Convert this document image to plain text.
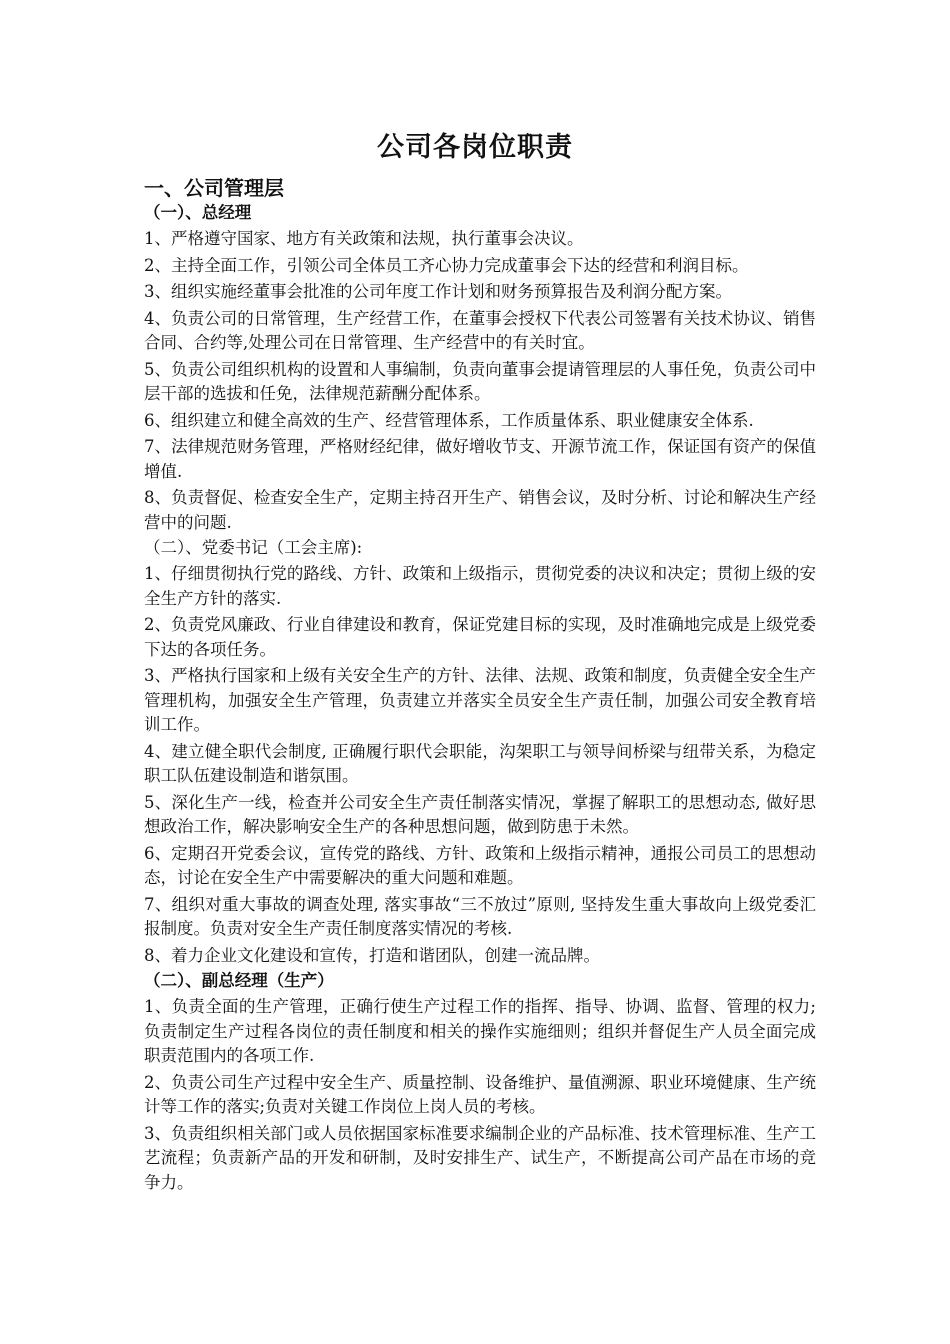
公司各岗位职责
一、公司管理层
（一）、总经理

1、严格遵守国家、地方有关政策和法规，执行董事会决议。

2、主持全面工作，引领公司全体员工齐心协力完成董事会下达的经营和利润目标。

3、组织实施经董事会批准的公司年度工作计划和财务预算报告及利润分配方案。

4、负责公司的日常管理，生产经营工作，在董事会授权下代表公司签署有关技术协议、销售合同、合约等,处理公司在日常管理、生产经营中的有关时宜。

5、负责公司组织机构的设置和人事编制，负责向董事会提请管理层的人事任免，负责公司中层干部的选拔和任免，法律规范薪酬分配体系。

6、组织建立和健全高效的生产、经营管理体系，工作质量体系、职业健康安全体系.

7、法律规范财务管理，严格财经纪律，做好增收节支、开源节流工作，保证国有资产的保值增值.

8、负责督促、检查安全生产，定期主持召开生产、销售会议，及时分析、讨论和解决生产经营中的问题.

（二）、党委书记（工会主席):

1、仔细贯彻执行党的路线、方针、政策和上级指示，贯彻党委的决议和决定；贯彻上级的安全生产方针的落实.

2、负责党风廉政、行业自律建设和教育，保证党建目标的实现，及时准确地完成是上级党委下达的各项任务。

3、严格执行国家和上级有关安全生产的方针、法律、法规、政策和制度，负责健全安全生产管理机构，加强安全生产管理，负责建立并落实全员安全生产责任制，加强公司安全教育培训工作。

4、建立健全职代会制度, 正确履行职代会职能，沟架职工与领导间桥梁与纽带关系，为稳定职工队伍建设制造和谐氛围。

5、深化生产一线，检查并公司安全生产责任制落实情况，掌握了解职工的思想动态, 做好思想政治工作，解决影响安全生产的各种思想问题，做到防患于未然。

6、定期召开党委会议，宣传党的路线、方针、政策和上级指示精神，通报公司员工的思想动态，讨论在安全生产中需要解决的重大问题和难题。

7、组织对重大事故的调查处理, 落实事故“三不放过”原则, 坚持发生重大事故向上级党委汇报制度。负责对安全生产责任制度落实情况的考核.

8、着力企业文化建设和宣传，打造和谐团队，创建一流品牌。

（二）、副总经理（生产）

1、负责全面的生产管理，正确行使生产过程工作的指挥、指导、协调、监督、管理的权力;负责制定生产过程各岗位的责任制度和相关的操作实施细则；组织并督促生产人员全面完成职责范围内的各项工作.

2、负责公司生产过程中安全生产、质量控制、设备维护、量值溯源、职业环境健康、生产统计等工作的落实;负责对关键工作岗位上岗人员的考核。

3、负责组织相关部门或人员依据国家标准要求编制企业的产品标准、技术管理标准、生产工艺流程；负责新产品的开发和研制，及时安排生产、试生产，不断提高公司产品在市场的竞争力。
